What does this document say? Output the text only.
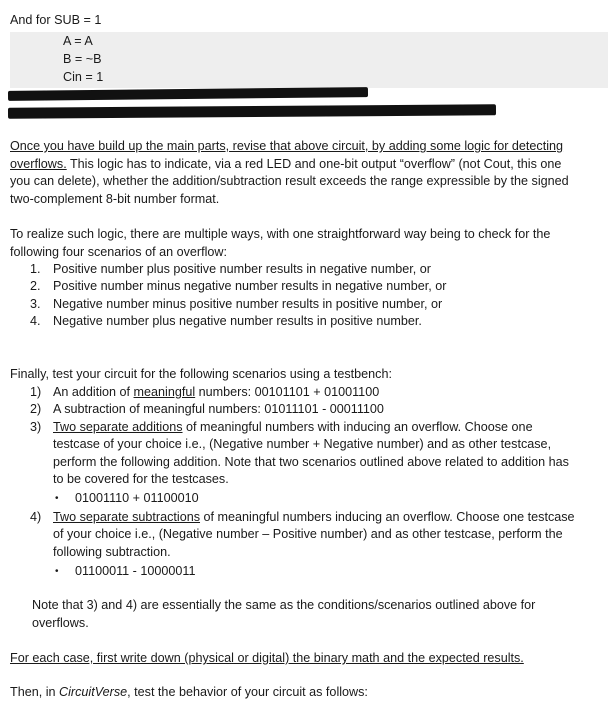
And for SUB = 1
A = A
B = ~B
Cin = 1
Once you have build up the main parts, revise that above circuit, by adding some logic for detecting
overflows. This logic has to indicate, via a red LED and one-bit output “overflow” (not Cout, this one
you can delete), whether the addition/subtraction result exceeds the range expressible by the signed
two-complement 8-bit number format.
To realize such logic, there are multiple ways, with one straightforward way being to check for the
following four scenarios of an overflow:
1. Positive number plus positive number results in negative number, or
2. Positive number minus negative number results in negative number, or
3. Negative number minus positive number results in positive number, or
4. Negative number plus negative number results in positive number.
Finally, test your circuit for the following scenarios using a testbench:
1) An addition of meaningful numbers: 00101101 + 01001100
2) A subtraction of meaningful numbers: 01011101 - 00011100
3) Two separate additions of meaningful numbers with inducing an overflow. Choose one
testcase of your choice i.e., (Negative number + Negative number) and as other testcase,
perform the following addition. Note that two scenarios outlined above related to addition has
to be covered for the testcases.
• 01001110 + 01100010
4) Two separate subtractions of meaningful numbers inducing an overflow. Choose one testcase
of your choice i.e., (Negative number – Positive number) and as other testcase, perform the
following subtraction.
• 01100011 - 10000011
Note that 3) and 4) are essentially the same as the conditions/scenarios outlined above for
overflows.
For each case, first write down (physical or digital) the binary math and the expected results.
Then, in CircuitVerse, test the behavior of your circuit as follows:
